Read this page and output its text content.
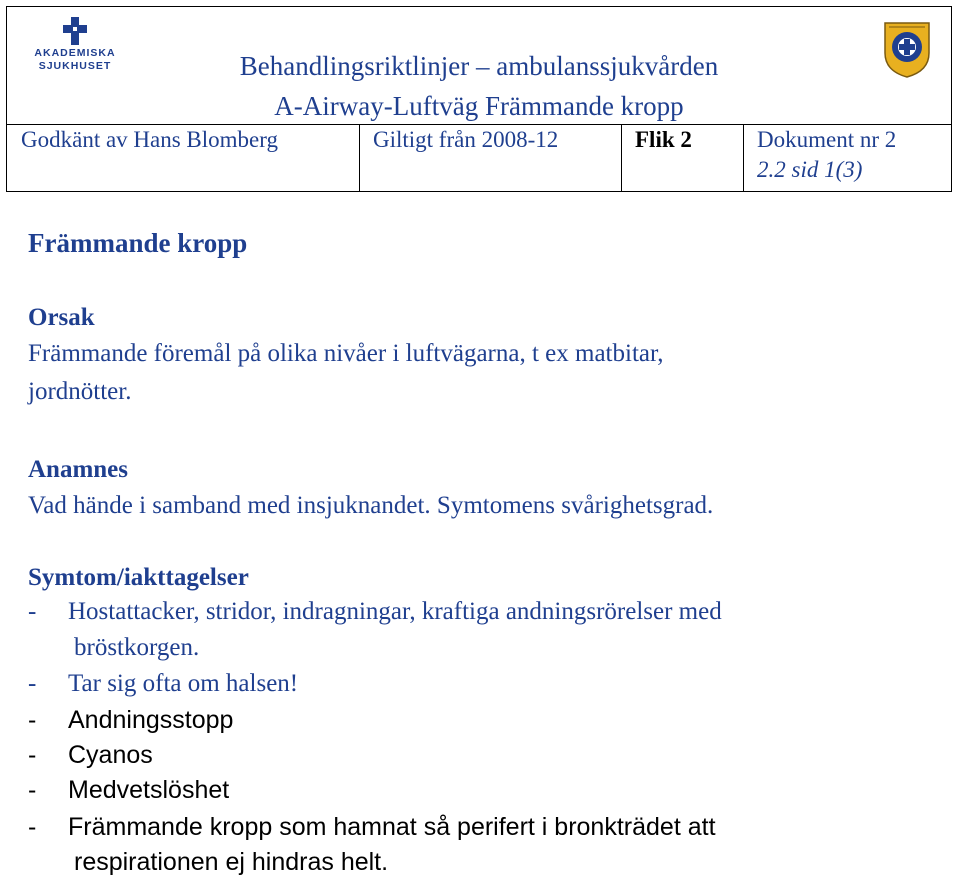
AKADEMISKA
SJUKHUSET	Behandlingsriktlinjer – ambulanssjukvården
A-Airway-Luftväg Främmande kropp
Godkänt av Hans Blomberg	Giltigt från 2008-12	Flik 2	Dokument nr 2
2.2 sid 1(3)
Främmande kropp
Orsak
Främmande föremål på olika nivåer i luftvägarna, t ex matbitar,
jordnötter.
Anamnes
Vad hände i samband med insjuknandet. Symtomens svårighetsgrad.
Symtom/iakttagelser
- Hostattacker, stridor, indragningar, kraftiga andningsrörelser med
bröstkorgen.
- Tar sig ofta om halsen!
- Andningsstopp
- Cyanos
- Medvetslöshet
- Främmande kropp som hamnat så perifert i bronkträdet att
respirationen ej hindras helt.
